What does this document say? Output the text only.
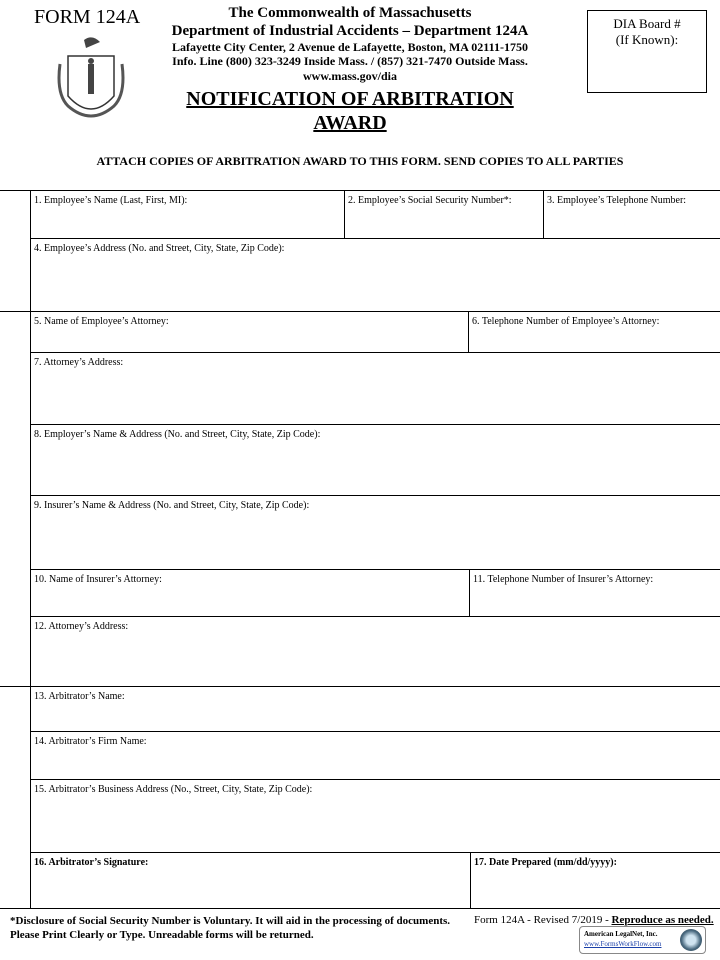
FORM 124A	The Commonwealth of Massachusetts
Department of Industrial Accidents – Department 124A
Lafayette City Center, 2 Avenue de Lafayette, Boston, MA 02111-1750
Info. Line (800) 323-3249 Inside Mass. / (857) 321-7470 Outside Mass.
www.mass.gov/dia
NOTIFICATION OF ARBITRATION
AWARD
DIA Board #
(If Known):
ATTACH COPIES OF ARBITRATION AWARD TO THIS FORM. SEND COPIES TO ALL PARTIES
1. Employee’s Name (Last, First, MI):	2. Employee’s Social Security Number*:	3. Employee’s Telephone Number:
4. Employee’s Address (No. and Street, City, State, Zip Code):
5. Name of Employee’s Attorney:	6. Telephone Number of Employee’s Attorney:
7. Attorney’s Address:
8. Employer’s Name & Address (No. and Street, City, State, Zip Code):
9. Insurer’s Name & Address (No. and Street, City, State, Zip Code):
10. Name of Insurer’s Attorney:	11. Telephone Number of Insurer’s Attorney:
12. Attorney’s Address:
13. Arbitrator’s Name:
14. Arbitrator’s Firm Name:
15. Arbitrator’s Business Address (No., Street, City, State, Zip Code):
16. Arbitrator’s Signature:	17. Date Prepared (mm/dd/yyyy):
*Disclosure of Social Security Number is Voluntary. It will aid in the processing of documents.
Please Print Clearly or Type. Unreadable forms will be returned.
Form 124A - Revised 7/2019 - Reproduce as needed.
American LegalNet, Inc.
www.FormsWorkFlow.com
